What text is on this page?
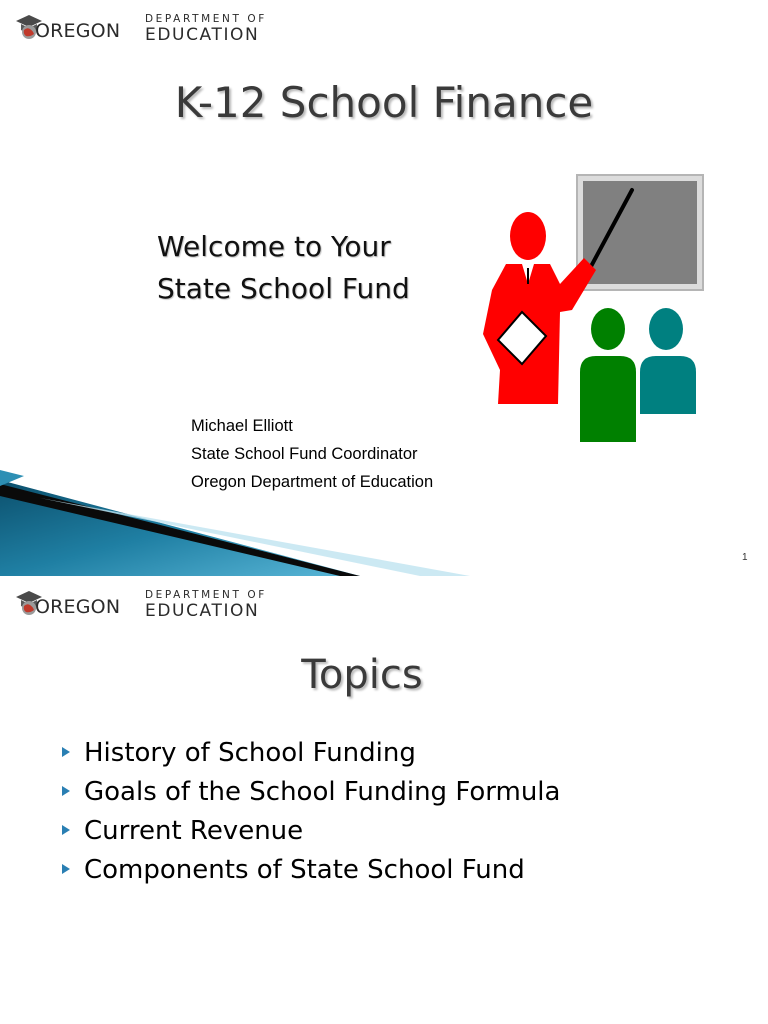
OREGON
DEPARTMENT OF
EDUCATION
K-12 School Finance
Welcome to Your
State School Fund
Michael Elliott
State School Fund Coordinator
Oregon Department of Education
1
OREGON
DEPARTMENT OF
EDUCATION
Topics
History of School Funding
Goals of the School Funding Formula
Current Revenue
Components of State School Fund
